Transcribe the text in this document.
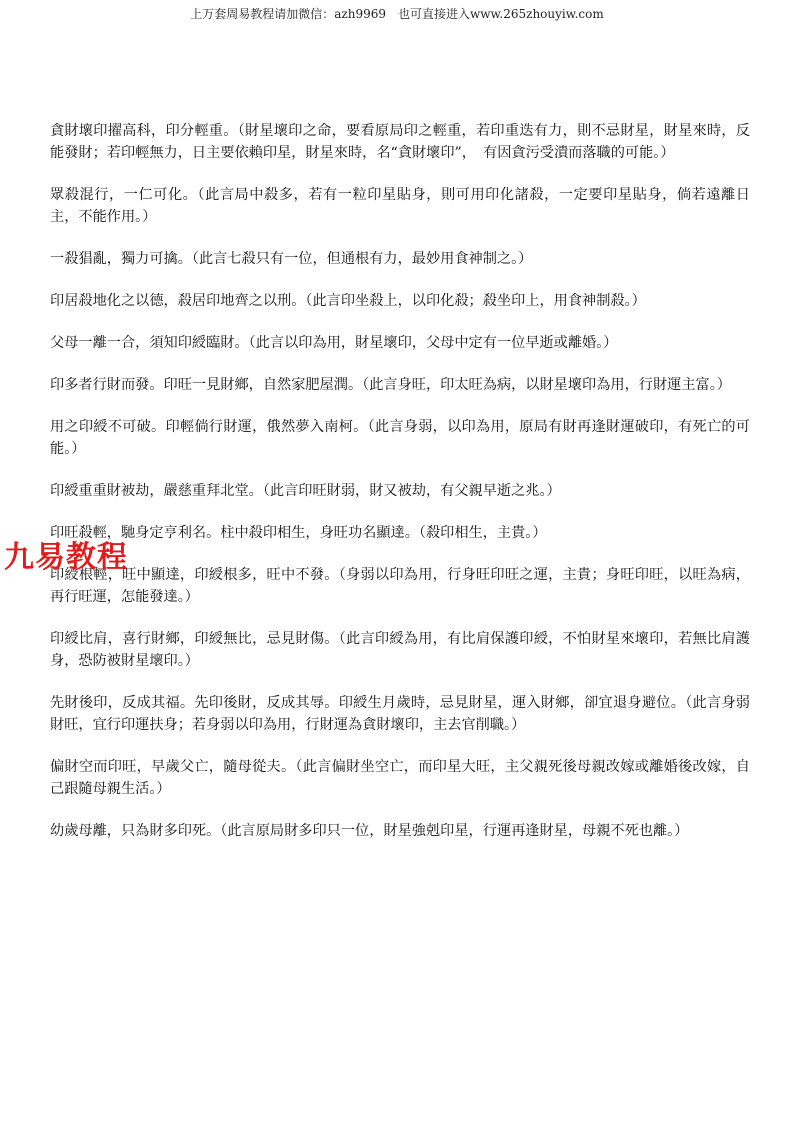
上万套周易教程请加微信：azh9969　也可直接进入www.265zhouyiw.com

貪財壞印擢高科，印分輕重。（財星壞印之命，要看原局印之輕重，若印重迭有力，則不忌財星，財星來時，反能發財；若印輕無力，日主要依賴印星，財星來時，名“貪財壞印”，　有因貪污受潰而落職的可能。）

眾殺混行，一仁可化。（此言局中殺多，若有一粒印星貼身，則可用印化諸殺，一定要印星貼身，倘若遠離日主，不能作用。）

一殺猖亂，獨力可擒。（此言七殺只有一位，但通根有力，最妙用食神制之。）

印居殺地化之以德，殺居印地齊之以刑。（此言印坐殺上，以印化殺；殺坐印上，用食神制殺。）

父母一離一合，須知印綬臨財。（此言以印為用，財星壞印，父母中定有一位早逝或離婚。）

印多者行財而發。印旺一見財鄉，自然家肥屋潤。（此言身旺，印太旺為病，以財星壞印為用，行財運主富。）

用之印綬不可破。印輕倘行財運，俄然夢入南柯。（此言身弱，以印為用，原局有財再逢財運破印，有死亡的可能。）

印綬重重財被劫，嚴慈重拜北堂。（此言印旺財弱，財又被劫，有父親早逝之兆。）

印旺殺輕，馳身定亨利名。柱中殺印相生，身旺功名顯達。（殺印相生，主貴。）

印綬根輕，旺中顯達，印綬根多，旺中不發。（身弱以印為用，行身旺印旺之運，主貴；身旺印旺，以旺為病，再行旺運，怎能發達。）

印綬比肩，喜行財鄉，印綬無比，忌見財傷。（此言印綬為用，有比肩保護印綬，不怕財星來壞印，若無比肩護身，恐防被財星壞印。）

先財後印，反成其福。先印後財，反成其辱。印綬生月歲時，忌見財星，運入財鄉，卻宜退身避位。（此言身弱財旺，宜行印運扶身；若身弱以印為用，行財運為貪財壞印，主去官削職。）

偏財空而印旺，早歲父亡，隨母從夫。（此言偏財坐空亡，而印星大旺，主父親死後母親改嫁或離婚後改嫁，自己跟隨母親生活。）

幼歲母離，只為財多印死。（此言原局財多印只一位，財星強剋印星，行運再逢財星，母親不死也離。）

九易教程
